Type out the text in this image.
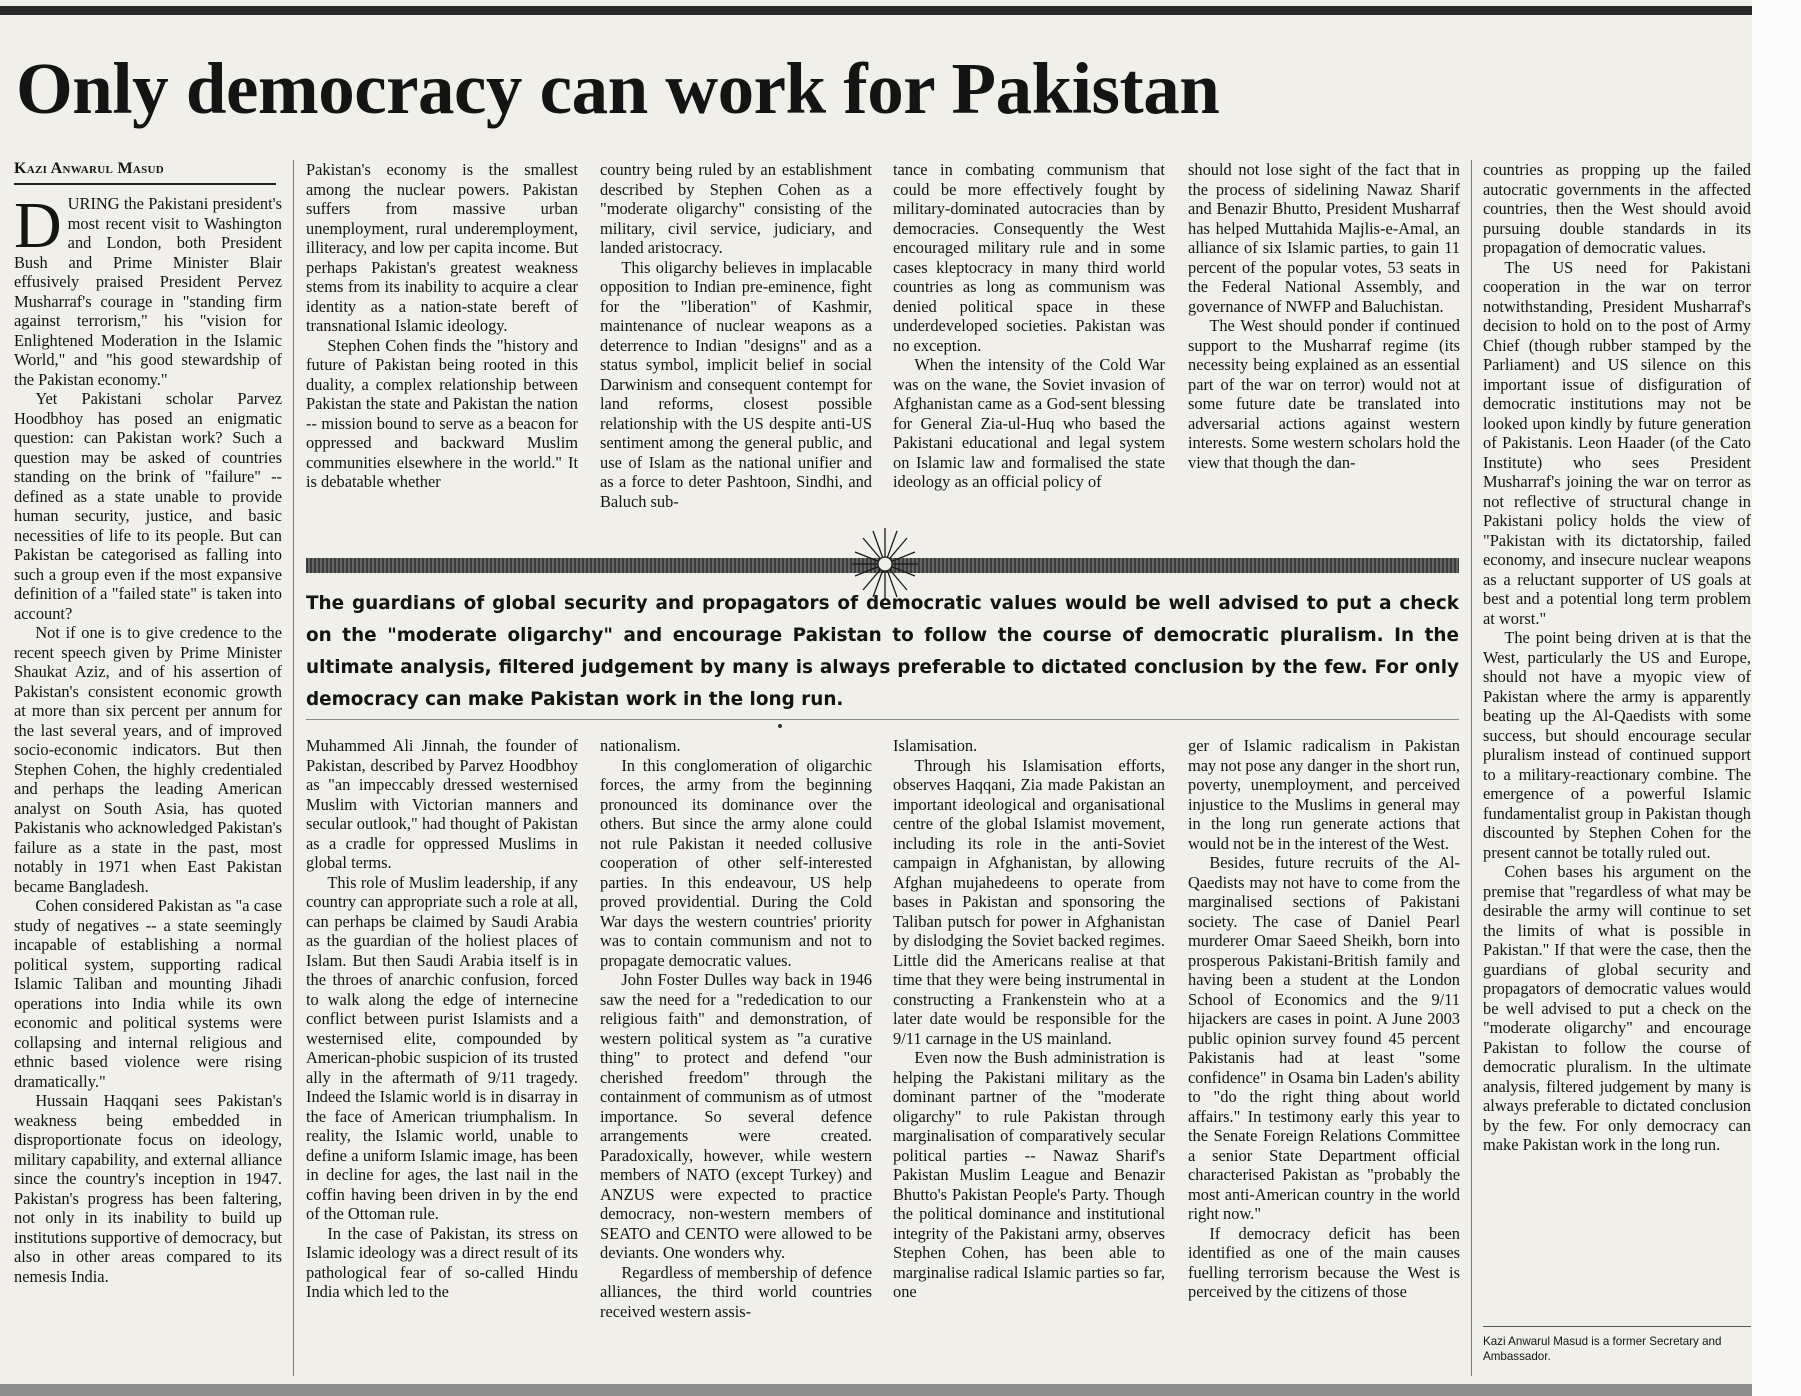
Only democracy can work for Pakistan
Kazi Anwarul Masud

DURING the Pakistani president's most recent visit to Washington and London, both President Bush and Prime Minister Blair effusively praised President Pervez Musharraf's courage in "standing firm against terrorism," his "vision for Enlightened Moderation in the Islamic World," and "his good stewardship of the Pakistan economy."

Yet Pakistani scholar Parvez Hoodbhoy has posed an enigmatic question: can Pakistan work? Such a question may be asked of countries standing on the brink of "failure" -- defined as a state unable to provide human security, justice, and basic necessities of life to its people. But can Pakistan be categorised as falling into such a group even if the most expansive definition of a "failed state" is taken into account?

Not if one is to give credence to the recent speech given by Prime Minister Shaukat Aziz, and of his assertion of Pakistan's consistent economic growth at more than six percent per annum for the last several years, and of improved socio-economic indicators. But then Stephen Cohen, the highly credentialed and perhaps the leading American analyst on South Asia, has quoted Pakistanis who acknowledged Pakistan's failure as a state in the past, most notably in 1971 when East Pakistan became Bangladesh.

Cohen considered Pakistan as "a case study of negatives -- a state seemingly incapable of establishing a normal political system, supporting radical Islamic Taliban and mounting Jihadi operations into India while its own economic and political systems were collapsing and internal religious and ethnic based violence were rising dramatically."

Hussain Haqqani sees Pakistan's weakness being embedded in disproportionate focus on ideology, military capability, and external alliance since the country's inception in 1947. Pakistan's progress has been faltering, not only in its inability to build up institutions supportive of democracy, but also in other areas compared to its nemesis India.

Pakistan's economy is the smallest among the nuclear powers. Pakistan suffers from massive urban unemployment, rural underemployment, illiteracy, and low per capita income. But perhaps Pakistan's greatest weakness stems from its inability to acquire a clear identity as a nation-state bereft of transnational Islamic ideology.

Stephen Cohen finds the "history and future of Pakistan being rooted in this duality, a complex relationship between Pakistan the state and Pakistan the nation -- mission bound to serve as a beacon for oppressed and backward Muslim communities elsewhere in the world." It is debatable whether

country being ruled by an establishment described by Stephen Cohen as a "moderate oligarchy" consisting of the military, civil service, judiciary, and landed aristocracy.

This oligarchy believes in implacable opposition to Indian pre-eminence, fight for the "liberation" of Kashmir, maintenance of nuclear weapons as a deterrence to Indian "designs" and as a status symbol, implicit belief in social Darwinism and consequent contempt for land reforms, closest possible relationship with the US despite anti-US sentiment among the general public, and use of Islam as the national unifier and as a force to deter Pashtoon, Sindhi, and Baluch sub-

tance in combating communism that could be more effectively fought by military-dominated autocracies than by democracies. Consequently the West encouraged military rule and in some cases kleptocracy in many third world countries as long as communism was denied political space in these underdeveloped societies. Pakistan was no exception.

When the intensity of the Cold War was on the wane, the Soviet invasion of Afghanistan came as a God-sent blessing for General Zia-ul-Huq who based the Pakistani educational and legal system on Islamic law and formalised the state ideology as an official policy of

should not lose sight of the fact that in the process of sidelining Nawaz Sharif and Benazir Bhutto, President Musharraf has helped Muttahida Majlis-e-Amal, an alliance of six Islamic parties, to gain 11 percent of the popular votes, 53 seats in the Federal National Assembly, and governance of NWFP and Baluchistan.

The West should ponder if continued support to the Musharraf regime (its necessity being explained as an essential part of the war on terror) would not at some future date be translated into adversarial actions against western interests. Some western scholars hold the view that though the dan-

countries as propping up the failed autocratic governments in the affected countries, then the West should avoid pursuing double standards in its propagation of democratic values.

The US need for Pakistani cooperation in the war on terror notwithstanding, President Musharraf's decision to hold on to the post of Army Chief (though rubber stamped by the Parliament) and US silence on this important issue of disfiguration of democratic institutions may not be looked upon kindly by future generation of Pakistanis. Leon Haader (of the Cato Institute) who sees President Musharraf's joining the war on terror as not reflective of structural change in Pakistani policy holds the view of "Pakistan with its dictatorship, failed economy, and insecure nuclear weapons as a reluctant supporter of US goals at best and a potential long term problem at worst."

The point being driven at is that the West, particularly the US and Europe, should not have a myopic view of Pakistan where the army is apparently beating up the Al-Qaedists with some success, but should encourage secular pluralism instead of continued support to a military-reactionary combine. The emergence of a powerful Islamic fundamentalist group in Pakistan though discounted by Stephen Cohen for the present cannot be totally ruled out.

Cohen bases his argument on the premise that "regardless of what may be desirable the army will continue to set the limits of what is possible in Pakistan." If that were the case, then the guardians of global security and propagators of democratic values would be well advised to put a check on the "moderate oligarchy" and encourage Pakistan to follow the course of democratic pluralism. In the ultimate analysis, filtered judgement by many is always preferable to dictated conclusion by the few. For only democracy can make Pakistan work in the long run.

The guardians of global security and propagators of democratic values would be well advised to put a check on the "moderate oligarchy" and encourage Pakistan to follow the course of democratic pluralism. In the ultimate analysis, filtered judgement by many is always preferable to dictated conclusion by the few. For only democracy can make Pakistan work in the long run.

Muhammed Ali Jinnah, the founder of Pakistan, described by Parvez Hoodbhoy as "an impeccably dressed westernised Muslim with Victorian manners and secular outlook," had thought of Pakistan as a cradle for oppressed Muslims in global terms.

This role of Muslim leadership, if any country can appropriate such a role at all, can perhaps be claimed by Saudi Arabia as the guardian of the holiest places of Islam. But then Saudi Arabia itself is in the throes of anarchic confusion, forced to walk along the edge of internecine conflict between purist Islamists and a westernised elite, compounded by American-phobic suspicion of its trusted ally in the aftermath of 9/11 tragedy. Indeed the Islamic world is in disarray in the face of American triumphalism. In reality, the Islamic world, unable to define a uniform Islamic image, has been in decline for ages, the last nail in the coffin having been driven in by the end of the Ottoman rule.

In the case of Pakistan, its stress on Islamic ideology was a direct result of its pathological fear of so-called Hindu India which led to the

nationalism.

In this conglomeration of oligarchic forces, the army from the beginning pronounced its dominance over the others. But since the army alone could not rule Pakistan it needed collusive cooperation of other self-interested parties. In this endeavour, US help proved providential. During the Cold War days the western countries' priority was to contain communism and not to propagate democratic values.

John Foster Dulles way back in 1946 saw the need for a "rededication to our religious faith" and demonstration, of western political system as "a curative thing" to protect and defend "our cherished freedom" through the containment of communism as of utmost importance. So several defence arrangements were created. Paradoxically, however, while western members of NATO (except Turkey) and ANZUS were expected to practice democracy, non-western members of SEATO and CENTO were allowed to be deviants. One wonders why.

Regardless of membership of defence alliances, the third world countries received western assis-

Islamisation.

Through his Islamisation efforts, observes Haqqani, Zia made Pakistan an important ideological and organisational centre of the global Islamist movement, including its role in the anti-Soviet campaign in Afghanistan, by allowing Afghan mujahedeens to operate from bases in Pakistan and sponsoring the Taliban putsch for power in Afghanistan by dislodging the Soviet backed regimes. Little did the Americans realise at that time that they were being instrumental in constructing a Frankenstein who at a later date would be responsible for the 9/11 carnage in the US mainland.

Even now the Bush administration is helping the Pakistani military as the dominant partner of the "moderate oligarchy" to rule Pakistan through marginalisation of comparatively secular political parties -- Nawaz Sharif's Pakistan Muslim League and Benazir Bhutto's Pakistan People's Party. Though the political dominance and institutional integrity of the Pakistani army, observes Stephen Cohen, has been able to marginalise radical Islamic parties so far, one

ger of Islamic radicalism in Pakistan may not pose any danger in the short run, poverty, unemployment, and perceived injustice to the Muslims in general may in the long run generate actions that would not be in the interest of the West.

Besides, future recruits of the Al-Qaedists may not have to come from the marginalised sections of Pakistani society. The case of Daniel Pearl murderer Omar Saeed Sheikh, born into prosperous Pakistani-British family and having been a student at the London School of Economics and the 9/11 hijackers are cases in point. A June 2003 public opinion survey found 45 percent Pakistanis had at least "some confidence" in Osama bin Laden's ability to "do the right thing about world affairs." In testimony early this year to the Senate Foreign Relations Committee a senior State Department official characterised Pakistan as "probably the most anti-American country in the world right now."

If democracy deficit has been identified as one of the main causes fuelling terrorism because the West is perceived by the citizens of those

Kazi Anwarul Masud is a former Secretary and Ambassador.
